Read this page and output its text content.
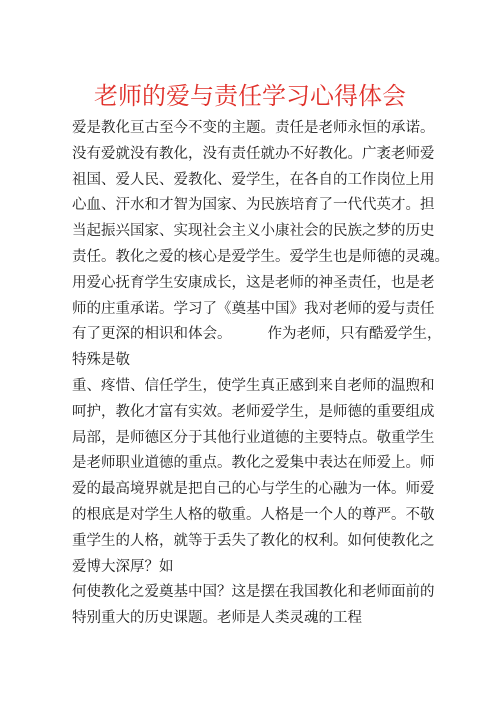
老师的爱与责任学习心得体会
爱是教化亘古至今不变的主题。责任是老师永恒的承诺。
没有爱就没有教化，没有责任就办不好教化。广袤老师爱
祖国、爱人民、爱教化、爱学生，在各自的工作岗位上用
心血、汗水和才智为国家、为民族培育了一代代英才。担
当起振兴国家、实现社会主义小康社会的民族之梦的历史
责任。教化之爱的核心是爱学生。爱学生也是师德的灵魂。
用爱心抚育学生安康成长，这是老师的神圣责任，也是老
师的庄重承诺。学习了《奠基中国》我对老师的爱与责任
有了更深的相识和体会。 作为老师，只有酷爱学生，
特殊是敬
重、疼惜、信任学生，使学生真正感到来自老师的温煦和
呵护，教化才富有实效。老师爱学生，是师德的重要组成
局部，是师德区分于其他行业道德的主要特点。敬重学生
是老师职业道德的重点。教化之爱集中表达在师爱上。师
爱的最高境界就是把自己的心与学生的心融为一体。师爱
的根底是对学生人格的敬重。人格是一个人的尊严。不敬
重学生的人格，就等于丢失了教化的权利。如何使教化之
爱博大深厚？如
何使教化之爱奠基中国？这是摆在我国教化和老师面前的
特别重大的历史课题。老师是人类灵魂的工程
